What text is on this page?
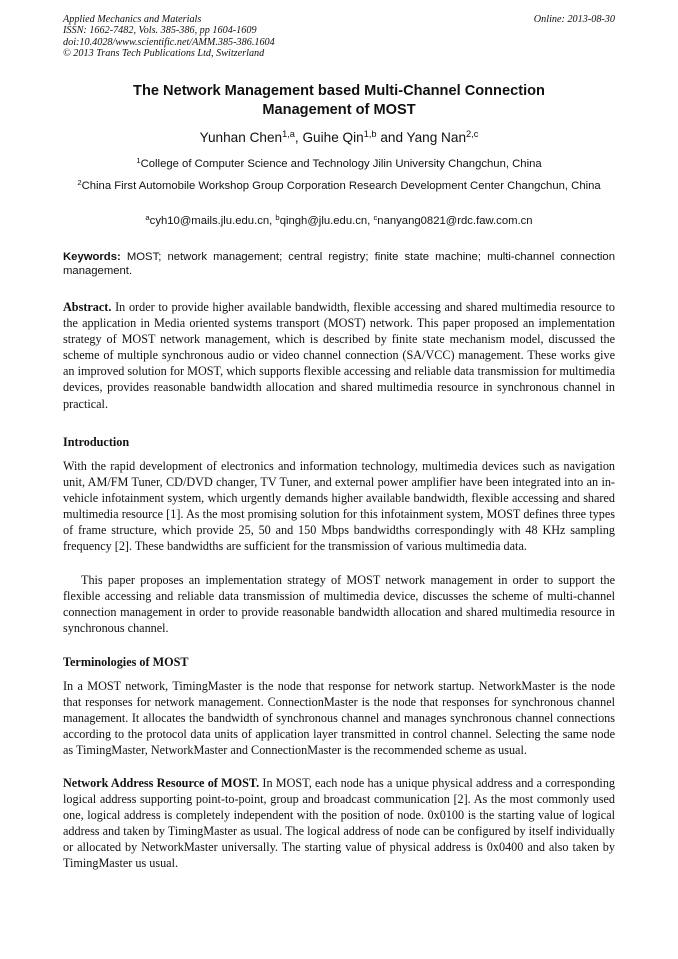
Applied Mechanics and Materials
ISSN: 1662-7482, Vols. 385-386, pp 1604-1609
doi:10.4028/www.scientific.net/AMM.385-386.1604
© 2013 Trans Tech Publications Ltd, Switzerland
Online: 2013-08-30
The Network Management based Multi-Channel Connection Management of MOST
Yunhan Chen$^{1,a}$, Guihe Qin$^{1,b}$ and Yang Nan$^{2,c}$
$^1$College of Computer Science and Technology Jilin University Changchun, China
$^2$China First Automobile Workshop Group Corporation Research Development Center Changchun, China
$^a$cyh10@mails.jlu.edu.cn, $^b$qingh@jlu.edu.cn, $^c$nanyang0821@rdc.faw.com.cn
Keywords: MOST; network management; central registry; finite state machine; multi-channel connection management.
Abstract. In order to provide higher available bandwidth, flexible accessing and shared multimedia resource to the application in Media oriented systems transport (MOST) network. This paper proposed an implementation strategy of MOST network management, which is described by finite state mechanism model, discussed the scheme of multiple synchronous audio or video channel connection (SA/VCC) management. These works give an improved solution for MOST, which supports flexible accessing and reliable data transmission for multimedia devices, provides reasonable bandwidth allocation and shared multimedia resource in synchronous channel in practical.
Introduction
With the rapid development of electronics and information technology, multimedia devices such as navigation unit, AM/FM Tuner, CD/DVD changer, TV Tuner, and external power amplifier have been integrated into an in-vehicle infotainment system, which urgently demands higher available bandwidth, flexible accessing and shared multimedia resource [1]. As the most promising solution for this infotainment system, MOST defines three types of frame structure, which provide 25, 50 and 150 Mbps bandwidths correspondingly with 48 KHz sampling frequency [2]. These bandwidths are sufficient for the transmission of various multimedia data.
This paper proposes an implementation strategy of MOST network management in order to support the flexible accessing and reliable data transmission of multimedia device, discusses the scheme of multi-channel connection management in order to provide reasonable bandwidth allocation and shared multimedia resource in synchronous channel.
Terminologies of MOST
In a MOST network, TimingMaster is the node that response for network startup. NetworkMaster is the node that responses for network management. ConnectionMaster is the node that responses for synchronous channel management. It allocates the bandwidth of synchronous channel and manages synchronous channel connections according to the protocol data units of application layer transmitted in control channel. Selecting the same node as TimingMaster, NetworkMaster and ConnectionMaster is the recommended scheme as usual.
Network Address Resource of MOST. In MOST, each node has a unique physical address and a corresponding logical address supporting point-to-point, group and broadcast communication [2]. As the most commonly used one, logical address is completely independent with the position of node. 0x0100 is the starting value of logical address and taken by TimingMaster as usual. The logical address of node can be configured by itself individually or allocated by NetworkMaster universally. The starting value of physical address is 0x0400 and also taken by TimingMaster us usual.
